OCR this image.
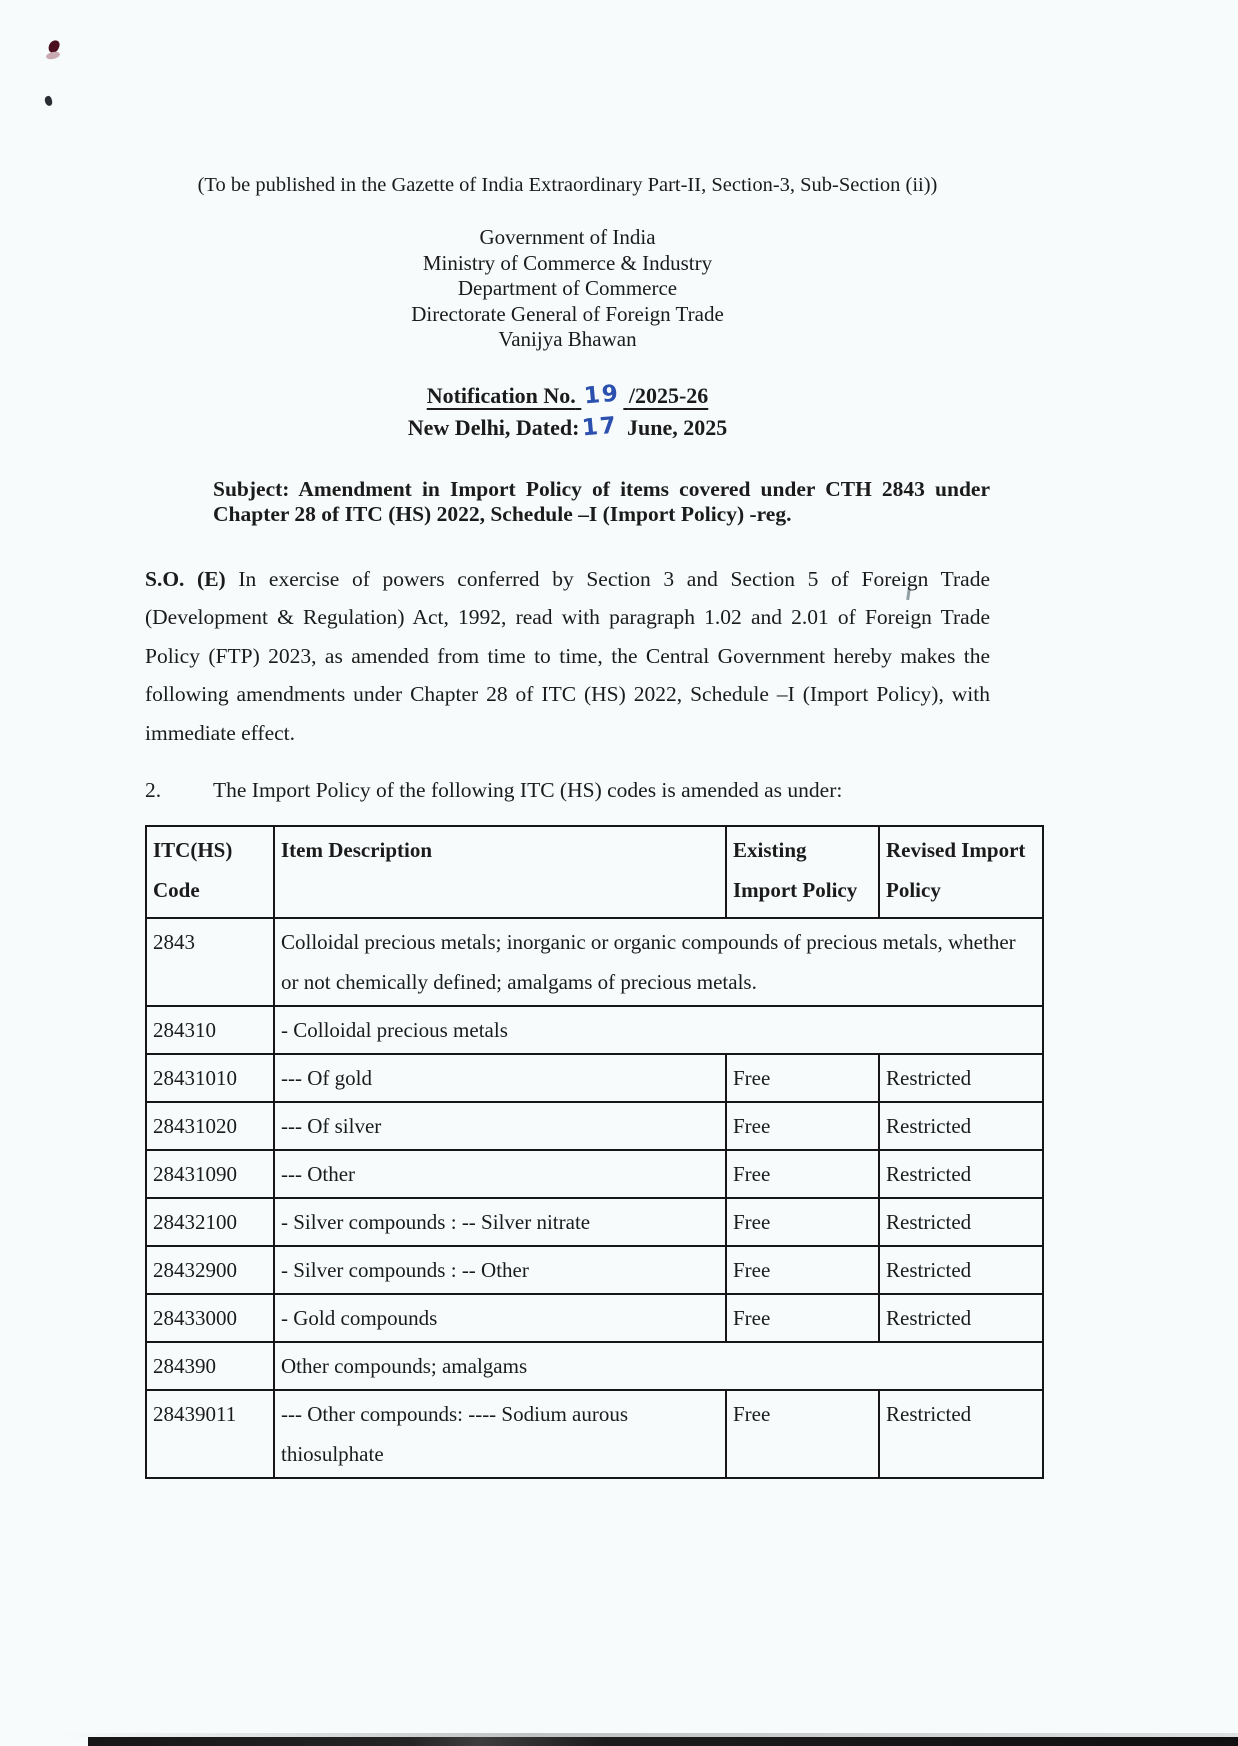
(To be published in the Gazette of India Extraordinary Part-II, Section-3, Sub-Section (ii))
Government of India
Ministry of Commerce & Industry
Department of Commerce
Directorate General of Foreign Trade
Vanijya Bhawan
Notification No. 19 /2025-26
New Delhi, Dated:17 June, 2025
Subject: Amendment in Import Policy of items covered under CTH 2843 under Chapter 28 of ITC (HS) 2022, Schedule –I (Import Policy) -reg.
S.O. (E) In exercise of powers conferred by Section 3 and Section 5 of Foreign Trade (Development & Regulation) Act, 1992, read with paragraph 1.02 and 2.01 of Foreign Trade Policy (FTP) 2023, as amended from time to time, the Central Government hereby makes the following amendments under Chapter 28 of ITC (HS) 2022, Schedule –I (Import Policy), with immediate effect.
2. The Import Policy of the following ITC (HS) codes is amended as under:
ITC(HS) Code	Item Description	Existing Import Policy	Revised Import Policy
2843	Colloidal precious metals; inorganic or organic compounds of precious metals, whether or not chemically defined; amalgams of precious metals.		
284310	- Colloidal precious metals		
28431010	--- Of gold	Free	Restricted
28431020	--- Of silver	Free	Restricted
28431090	--- Other	Free	Restricted
28432100	- Silver compounds : -- Silver nitrate	Free	Restricted
28432900	- Silver compounds : -- Other	Free	Restricted
28433000	- Gold compounds	Free	Restricted
284390	Other compounds; amalgams		
28439011	--- Other compounds: ---- Sodium aurous thiosulphate	Free	Restricted
